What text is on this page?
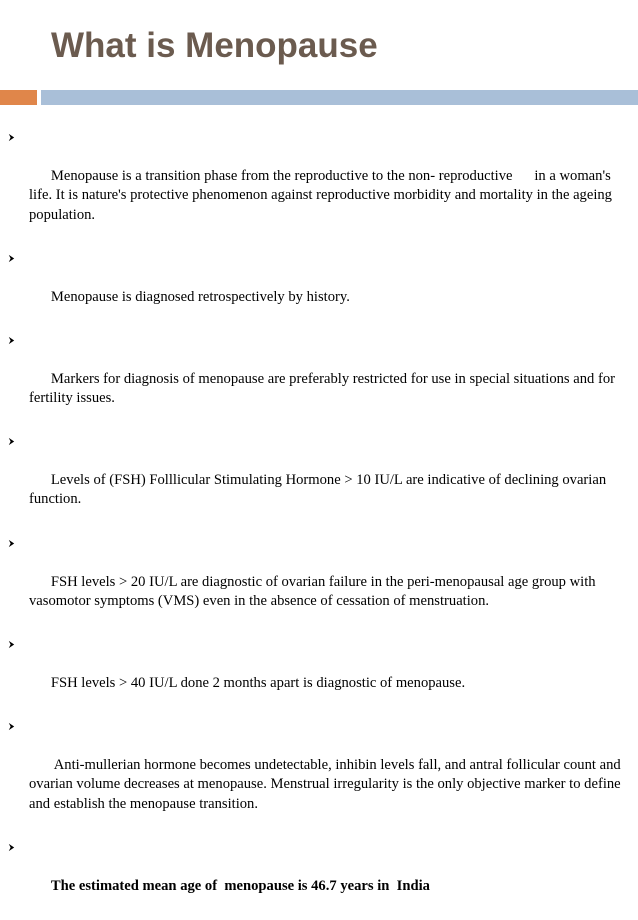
What is Menopause

Menopause is a transition phase from the reproductive to the non- reproductive      in a woman's life. It is nature's protective phenomenon against reproductive morbidity and mortality in the ageing population.

Menopause is diagnosed retrospectively by history.

Markers for diagnosis of menopause are preferably restricted for use in special situations and for fertility issues.

Levels of (FSH) Folllicular Stimulating Hormone > 10 IU/L are indicative of declining ovarian function.

FSH levels > 20 IU/L are diagnostic of ovarian failure in the peri-menopausal age group with vasomotor symptoms (VMS) even in the absence of cessation of menstruation.

FSH levels > 40 IU/L done 2 months apart is diagnostic of menopause.

Anti-mullerian hormone becomes undetectable, inhibin levels fall, and antral follicular count and ovarian volume decreases at menopause. Menstrual irregularity is the only objective marker to define and establish the menopause transition.

The estimated mean age of  menopause is 46.7 years in  India
